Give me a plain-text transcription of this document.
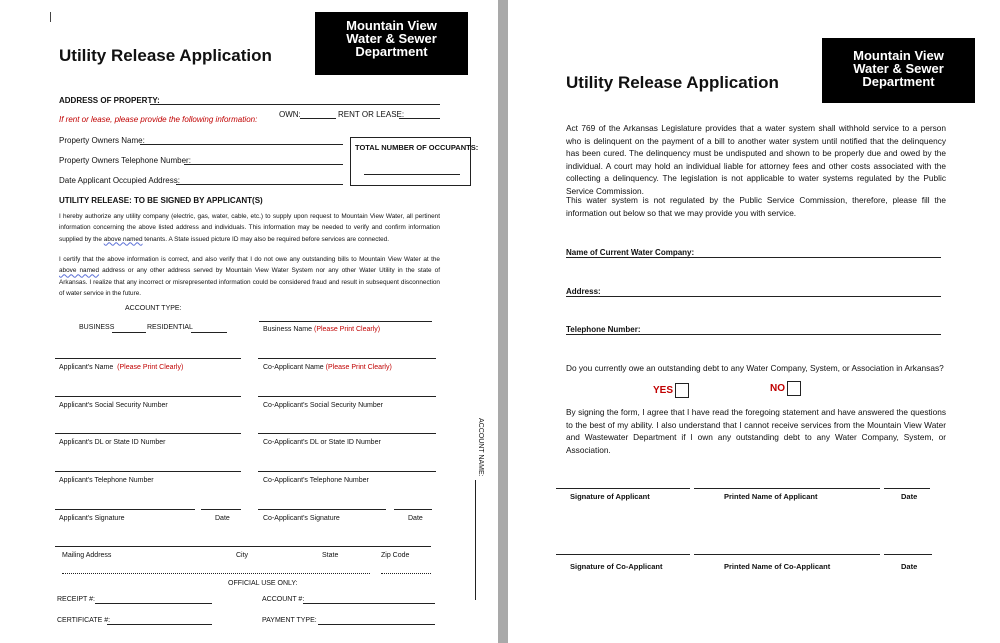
Mountain View
Water & Sewer
Department
Utility Release Application
ADDRESS OF PROPERTY:
If rent or lease, please provide the following information:
OWN:	RENT OR LEASE:
Property Owners Name:
Property Owners Telephone Number:
Date Applicant Occupied Address:
TOTAL NUMBER OF OCCUPANTS:
UTILITY RELEASE: TO BE SIGNED BY APPLICANT(S)
I hereby authorize any utility company (electric, gas, water, cable, etc.) to supply upon request to Mountain View Water, all pertinent information concerning the above listed address and individuals. This information may be needed to verify and confirm information supplied by the above named tenants. A State issued picture ID may also be required before services are connected.
I certify that the above information is correct, and also verify that I do not owe any outstanding bills to Mountain View Water at the above named address or any other address served by Mountain View Water System nor any other Water Utility in the state of Arkansas. I realize that any incorrect or misrepresented information could be considered fraud and result in subsequent disconnection of water service in the future.
ACCOUNT TYPE:
BUSINESS	RESIDENTIAL	Business Name (Please Print Clearly)
Applicant's Name (Please Print Clearly)	Co-Applicant Name (Please Print Clearly)
Applicant's Social Security Number	Co-Applicant's Social Security Number
Applicant's DL or State ID Number	Co-Applicant's DL or State ID Number
Applicant's Telephone Number	Co-Applicant's Telephone Number
Applicant's Signature	Date	Co-Applicant's Signature	Date
ACCOUNT NAME:
Mailing Address	City	State	Zip Code
OFFICIAL USE ONLY:
RECEIPT #:	ACCOUNT #:
CERTIFICATE #:	PAYMENT TYPE:
Mountain View
Water & Sewer
Department
Utility Release Application
Act 769 of the Arkansas Legislature provides that a water system shall withhold service to a person who is delinquent on the payment of a bill to another water system until notified that the delinquency has been cured. The delinquency must be undisputed and shown to be properly due and owed by the individual. A court may hold an individual liable for attorney fees and other costs associated with the collecting a delinquency. The legislation is not applicable to water systems regulated by the Public Service Commission.
This water system is not regulated by the Public Service Commission, therefore, please fill the information out below so that we may provide you with service.
Name of Current Water Company:
Address:
Telephone Number:
Do you currently owe an outstanding debt to any Water Company, System, or Association in Arkansas?
YES	NO
By signing the form, I agree that I have read the foregoing statement and have answered the questions to the best of my ability. I also understand that I cannot receive services from the Mountain View Water and Wastewater Department if I own any outstanding debt to any Water Company, System, or Association.
Signature of Applicant	Printed Name of Applicant	Date
Signature of Co-Applicant	Printed Name of Co-Applicant	Date
